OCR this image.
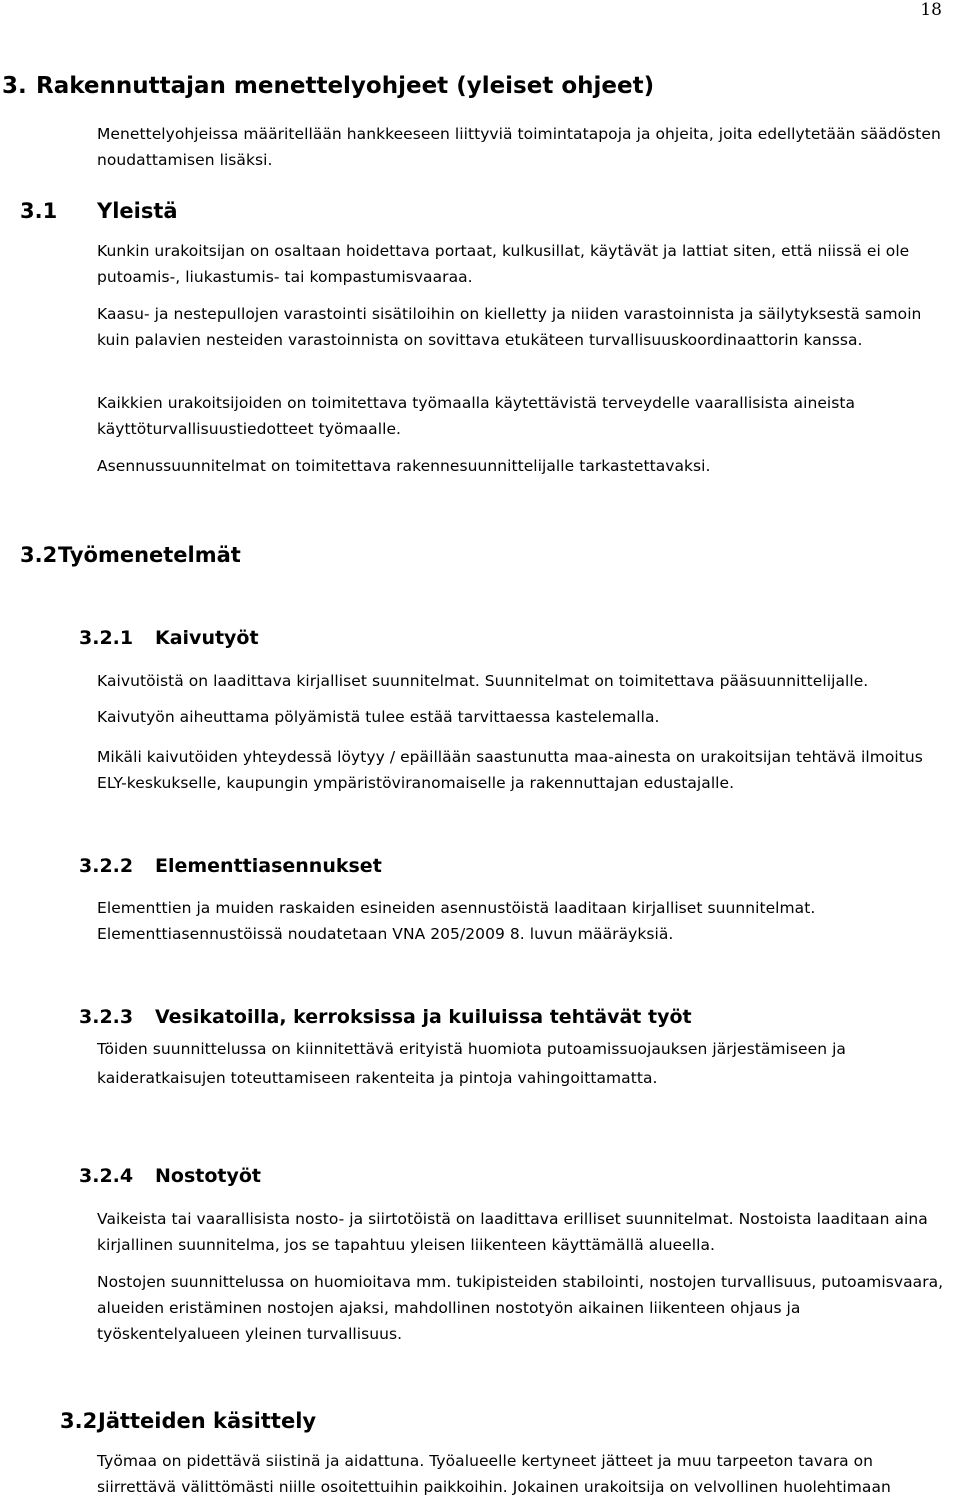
18
3. Rakennuttajan menettelyohjeet (yleiset ohjeet)

Menettelyohjeissa määritellään hankkeeseen liittyviä toimintatapoja ja ohjeita, joita edellytetään säädösten noudattamisen lisäksi.

3.1 Yleistä

Kunkin urakoitsijan on osaltaan hoidettava portaat, kulkusillat, käytävät ja lattiat siten, että niissä ei ole putoamis-, liukastumis- tai kompastumisvaaraa.

Kaasu- ja nestepullojen varastointi sisätiloihin on kielletty ja niiden varastoinnista ja säilytyksestä samoin kuin palavien nesteiden varastoinnista on sovittava etukäteen turvallisuuskoordinaattorin kanssa.

Kaikkien urakoitsijoiden on toimitettava työmaalla käytettävistä terveydelle vaarallisista aineista käyttöturvallisuustiedotteet työmaalle.

Asennussuunnitelmat on toimitettava rakennesuunnittelijalle tarkastettavaksi.

3.2 Työmenetelmät
3.2.1 Kaivutyöt

Kaivutöistä on laadittava kirjalliset suunnitelmat. Suunnitelmat on toimitettava pääsuunnittelijalle.

Kaivutyön aiheuttama pölyämistä tulee estää tarvittaessa kastelemalla.

Mikäli kaivutöiden yhteydessä löytyy / epäillään saastunutta maa-ainesta on urakoitsijan tehtävä ilmoitus ELY-keskukselle, kaupungin ympäristöviranomaiselle ja rakennuttajan edustajalle.

3.2.2 Elementtiasennukset

Elementtien ja muiden raskaiden esineiden asennustöistä laaditaan kirjalliset suunnitelmat. Elementtiasennustöissä noudatetaan VNA 205/2009 8. luvun määräyksiä.

3.2.3 Vesikatoilla, kerroksissa ja kuiluissa tehtävät työt

Töiden suunnittelussa on kiinnitettävä erityistä huomiota putoamissuojauksen järjestämiseen ja kaideratkaisujen toteuttamiseen rakenteita ja pintoja vahingoittamatta.

3.2.4 Nostotyöt

Vaikeista tai vaarallisista nosto- ja siirtotöistä on laadittava erilliset suunnitelmat. Nostoista laaditaan aina kirjallinen suunnitelma, jos se tapahtuu yleisen liikenteen käyttämällä alueella.

Nostojen suunnittelussa on huomioitava mm. tukipisteiden stabilointi, nostojen turvallisuus, putoamisvaara, alueiden eristäminen nostojen ajaksi, mahdollinen nostotyön aikainen liikenteen ohjaus ja työskentelyalueen yleinen turvallisuus.

3.2 Jätteiden käsittely

Työmaa on pidettävä siistinä ja aidattuna. Työalueelle kertyneet jätteet ja muu tarpeeton tavara on siirrettävä välittömästi niille osoitettuihin paikkoihin. Jokainen urakoitsija on velvollinen huolehtimaan
